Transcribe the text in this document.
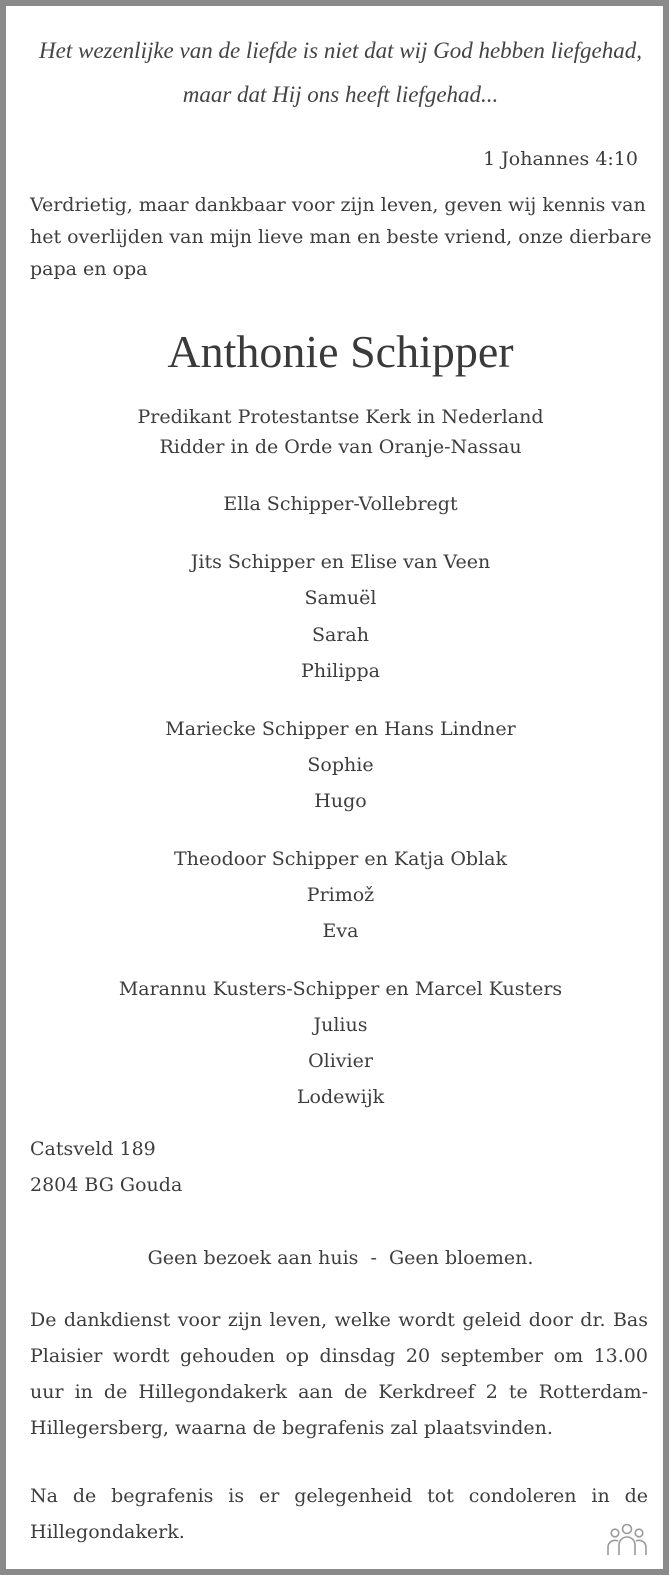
Het wezenlijke van de liefde is niet dat wij God hebben liefgehad,

maar dat Hij ons heeft liefgehad...

1 Johannes 4:10

Verdrietig, maar dankbaar voor zijn leven, geven wij kennis van

het overlijden van mijn lieve man en beste vriend, onze dierbare

papa en opa

Anthonie Schipper

Predikant Protestantse Kerk in Nederland

Ridder in de Orde van Oranje-Nassau

Ella Schipper-Vollebregt

Jits Schipper en Elise van Veen

Samuël

Sarah

Philippa

Mariecke Schipper en Hans Lindner

Sophie

Hugo

Theodoor Schipper en Katja Oblak

Primož

Eva

Marannu Kusters-Schipper en Marcel Kusters

Julius

Olivier

Lodewijk

Catsveld 189

2804 BG Gouda

Geen bezoek aan huis  -  Geen bloemen.

De dankdienst voor zijn leven, welke wordt geleid door dr. Bas
Plaisier wordt gehouden op dinsdag 20 september om 13.00
uur in de Hillegondakerk aan de Kerkdreef 2 te Rotterdam-
Hillegersberg, waarna de begrafenis zal plaatsvinden.
Na de begrafenis is er gelegenheid tot condoleren in de
Hillegondakerk.
